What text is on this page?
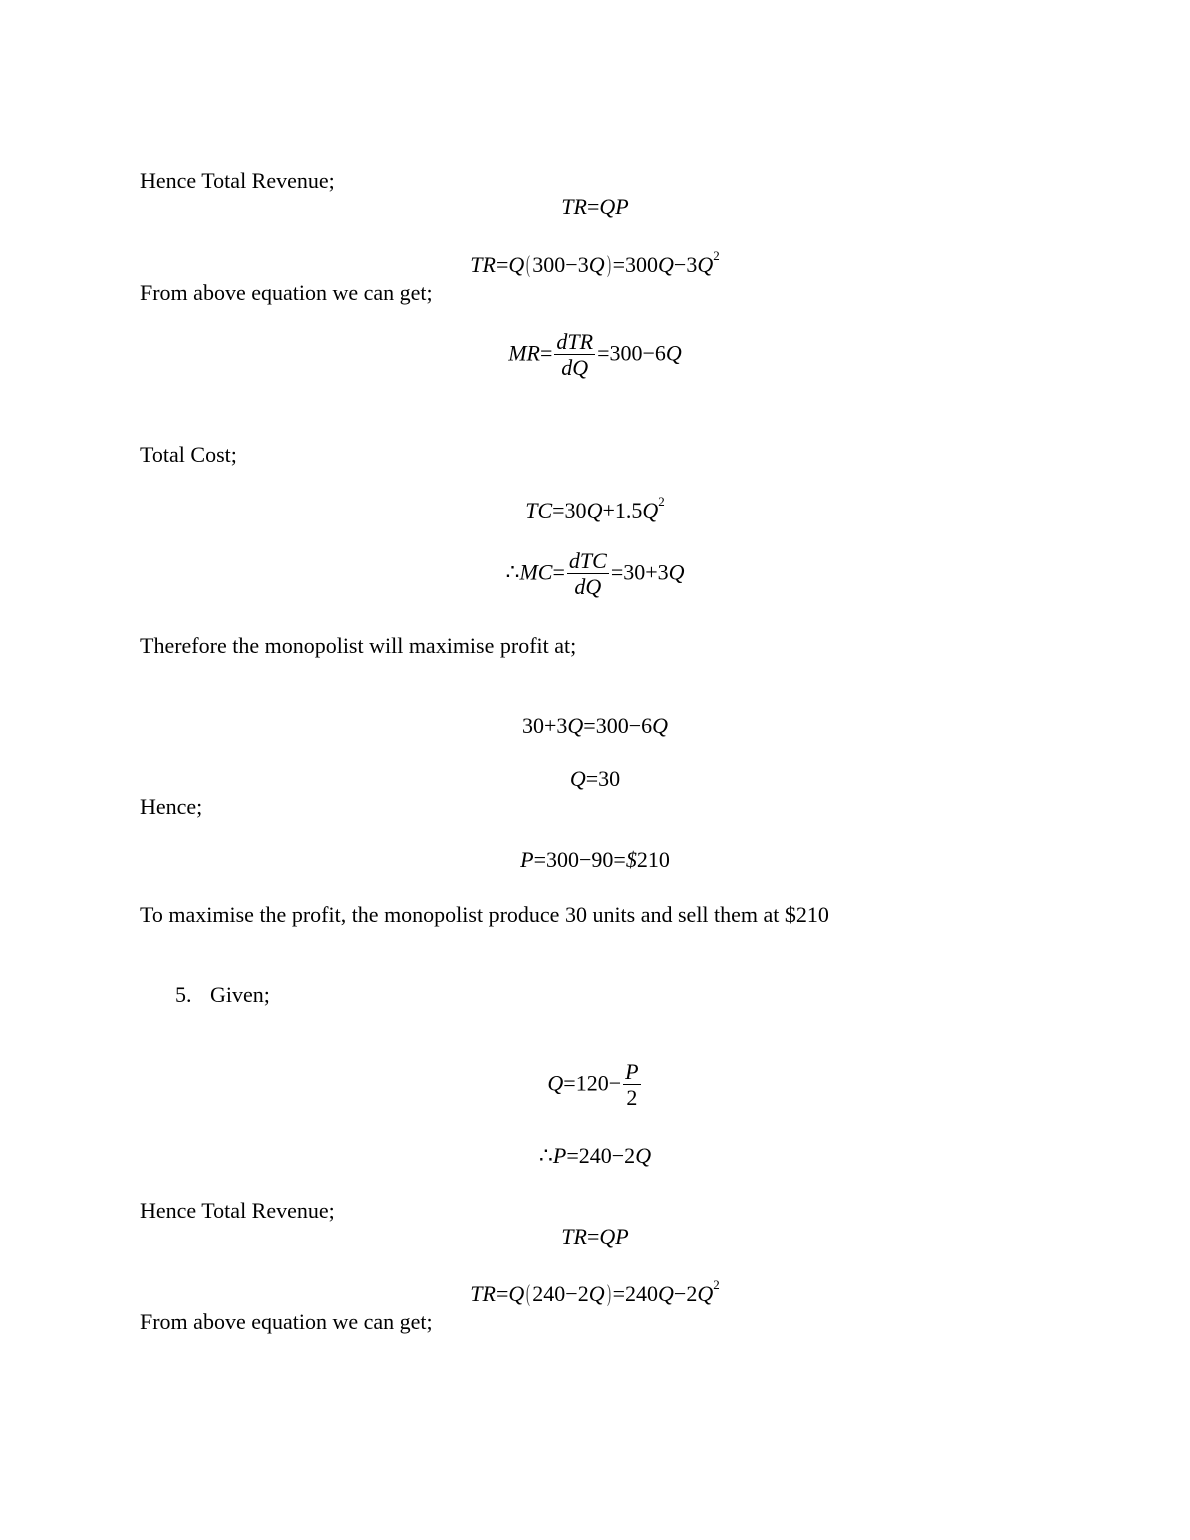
Hence Total Revenue;
TR=QP
$TR=Q(300-3Q)=300Q-3Q^2$
From above equation we can get;
$MR= \frac{\text{dTR}}{dQ} =300-6Q$
Total Cost;
$TC=30Q+1.5Q^2$
∴MC= $\frac{\text{dTC}}{dQ} =30+3Q$
Therefore the monopolist will maximise profit at;
30+3Q=300−6Q
Q=30
Hence;
P=300−90=$210
To maximise the profit, the monopolist produce 30 units and sell them at $210
5. Given;
$Q=120- \frac{P}{2}$
∴P=240−2Q
Hence Total Revenue;
TR=QP
$TR=Q(240-2Q)=240Q-2Q^2$
From above equation we can get;
